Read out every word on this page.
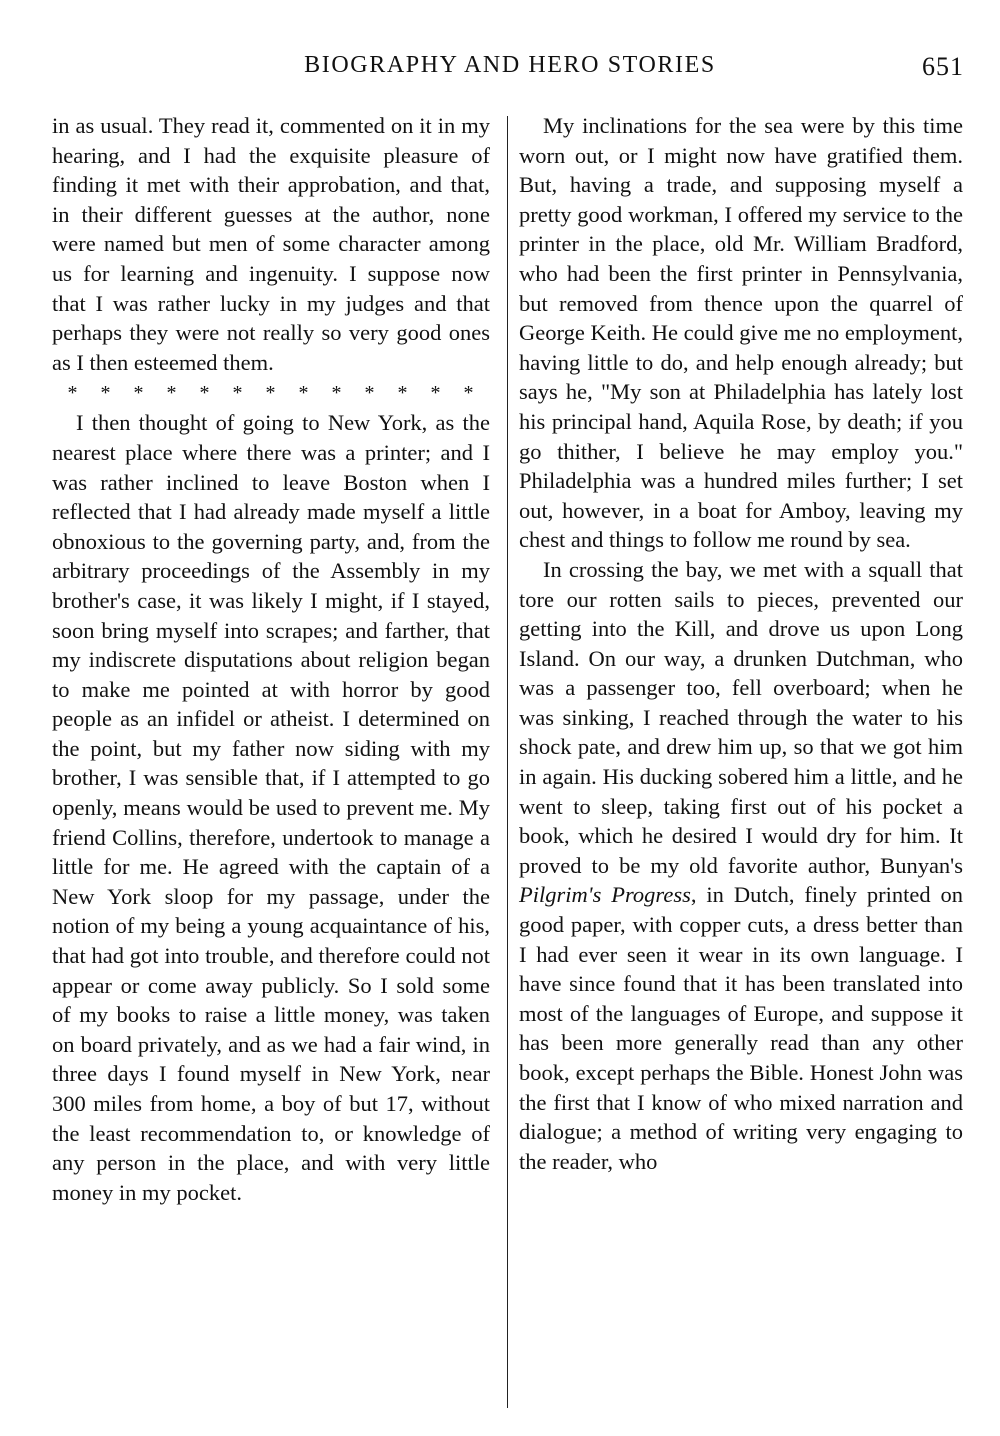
BIOGRAPHY AND HERO STORIES	651

in as usual. They read it, commented on it in my hearing, and I had the exquisite pleasure of finding it met with their approbation, and that, in their different guesses at the author, none were named but men of some character among us for learning and ingenuity. I suppose now that I was rather lucky in my judges and that perhaps they were not really so very good ones as I then esteemed them.

* * * * * * * * * * * * *

I then thought of going to New York, as the nearest place where there was a printer; and I was rather inclined to leave Boston when I reflected that I had already made myself a little obnoxious to the governing party, and, from the arbitrary proceedings of the Assembly in my brother's case, it was likely I might, if I stayed, soon bring myself into scrapes; and farther, that my indiscrete disputations about religion began to make me pointed at with horror by good people as an infidel or atheist. I determined on the point, but my father now siding with my brother, I was sensible that, if I attempted to go openly, means would be used to prevent me. My friend Collins, therefore, undertook to manage a little for me. He agreed with the captain of a New York sloop for my passage, under the notion of my being a young acquaintance of his, that had got into trouble, and therefore could not appear or come away publicly. So I sold some of my books to raise a little money, was taken on board privately, and as we had a fair wind, in three days I found myself in New York, near 300 miles from home, a boy of but 17, without the least recommendation to, or knowledge of any person in the place, and with very little money in my pocket.

My inclinations for the sea were by this time worn out, or I might now have gratified them. But, having a trade, and supposing myself a pretty good workman, I offered my service to the printer in the place, old Mr. William Bradford, who had been the first printer in Pennsylvania, but removed from thence upon the quarrel of George Keith. He could give me no employment, having little to do, and help enough already; but says he, "My son at Philadelphia has lately lost his principal hand, Aquila Rose, by death; if you go thither, I believe he may employ you." Philadelphia was a hundred miles further; I set out, however, in a boat for Amboy, leaving my chest and things to follow me round by sea.

In crossing the bay, we met with a squall that tore our rotten sails to pieces, prevented our getting into the Kill, and drove us upon Long Island. On our way, a drunken Dutchman, who was a passenger too, fell overboard; when he was sinking, I reached through the water to his shock pate, and drew him up, so that we got him in again. His ducking sobered him a little, and he went to sleep, taking first out of his pocket a book, which he desired I would dry for him. It proved to be my old favorite author, Bunyan's Pilgrim's Progress, in Dutch, finely printed on good paper, with copper cuts, a dress better than I had ever seen it wear in its own language. I have since found that it has been translated into most of the languages of Europe, and suppose it has been more generally read than any other book, except perhaps the Bible. Honest John was the first that I know of who mixed narration and dialogue; a method of writing very engaging to the reader, who
